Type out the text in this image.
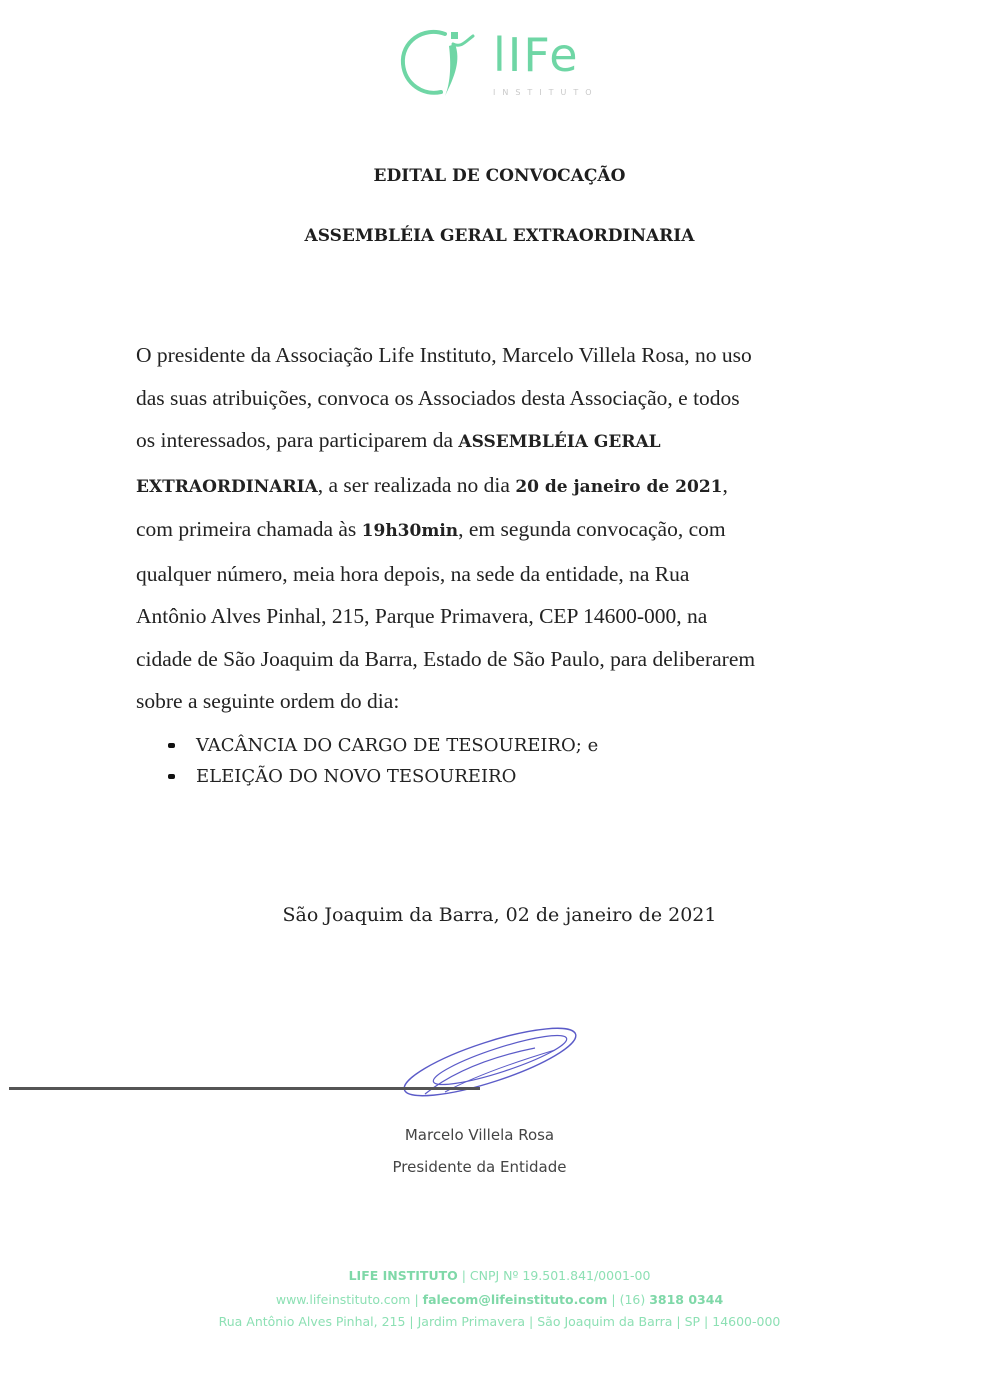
lIFe
INSTITUTO
EDITAL DE CONVOCAÇÃO
ASSEMBLÉIA GERAL EXTRAORDINARIA
O presidente da Associação Life Instituto, Marcelo Villela Rosa, no uso
das suas atribuições, convoca os Associados desta Associação, e todos
os interessados, para participarem da ASSEMBLÉIA GERAL
EXTRAORDINARIA, a ser realizada no dia 20 de janeiro de 2021,
com primeira chamada às 19h30min, em segunda convocação, com
qualquer número, meia hora depois, na sede da entidade, na Rua
Antônio Alves Pinhal, 215, Parque Primavera, CEP 14600-000, na
cidade de São Joaquim da Barra, Estado de São Paulo, para deliberarem
sobre a seguinte ordem do dia:
VACÂNCIA DO CARGO DE TESOUREIRO; e
ELEIÇÃO DO NOVO TESOUREIRO
São Joaquim da Barra, 02 de janeiro de 2021
Marcelo Villela Rosa
Presidente da Entidade
LIFE INSTITUTO | CNPJ Nº 19.501.841/0001-00
www.lifeinstituto.com | falecom@lifeinstituto.com | (16) 3818 0344
Rua Antônio Alves Pinhal, 215 | Jardim Primavera | São Joaquim da Barra | SP | 14600-000
